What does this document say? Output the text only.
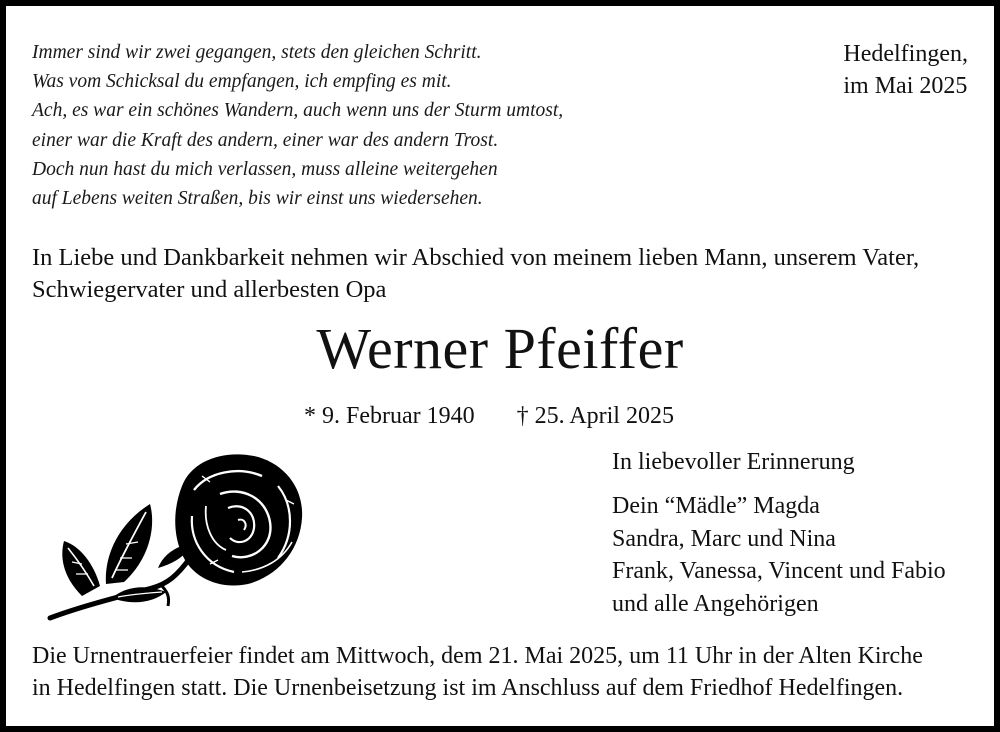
Immer sind wir zwei gegangen, stets den gleichen Schritt.
Was vom Schicksal du empfangen, ich empfing es mit.
Ach, es war ein schönes Wandern, auch wenn uns der Sturm umtost,
einer war die Kraft des andern, einer war des andern Trost.
Doch nun hast du mich verlassen, muss alleine weitergehen
auf Lebens weiten Straßen, bis wir einst uns wiedersehen.
Hedelfingen,
im Mai 2025
In Liebe und Dankbarkeit nehmen wir Abschied von meinem lieben Mann, unserem Vater,
Schwiegervater und allerbesten Opa
Werner Pfeiffer
* 9. Februar 1940 † 25. April 2025
In liebevoller Erinnerung
Dein “Mädle” Magda
Sandra, Marc und Nina
Frank, Vanessa, Vincent und Fabio
und alle Angehörigen
Die Urnentrauerfeier findet am Mittwoch, dem 21. Mai 2025, um 11 Uhr in der Alten Kirche
in Hedelfingen statt. Die Urnenbeisetzung ist im Anschluss auf dem Friedhof Hedelfingen.
